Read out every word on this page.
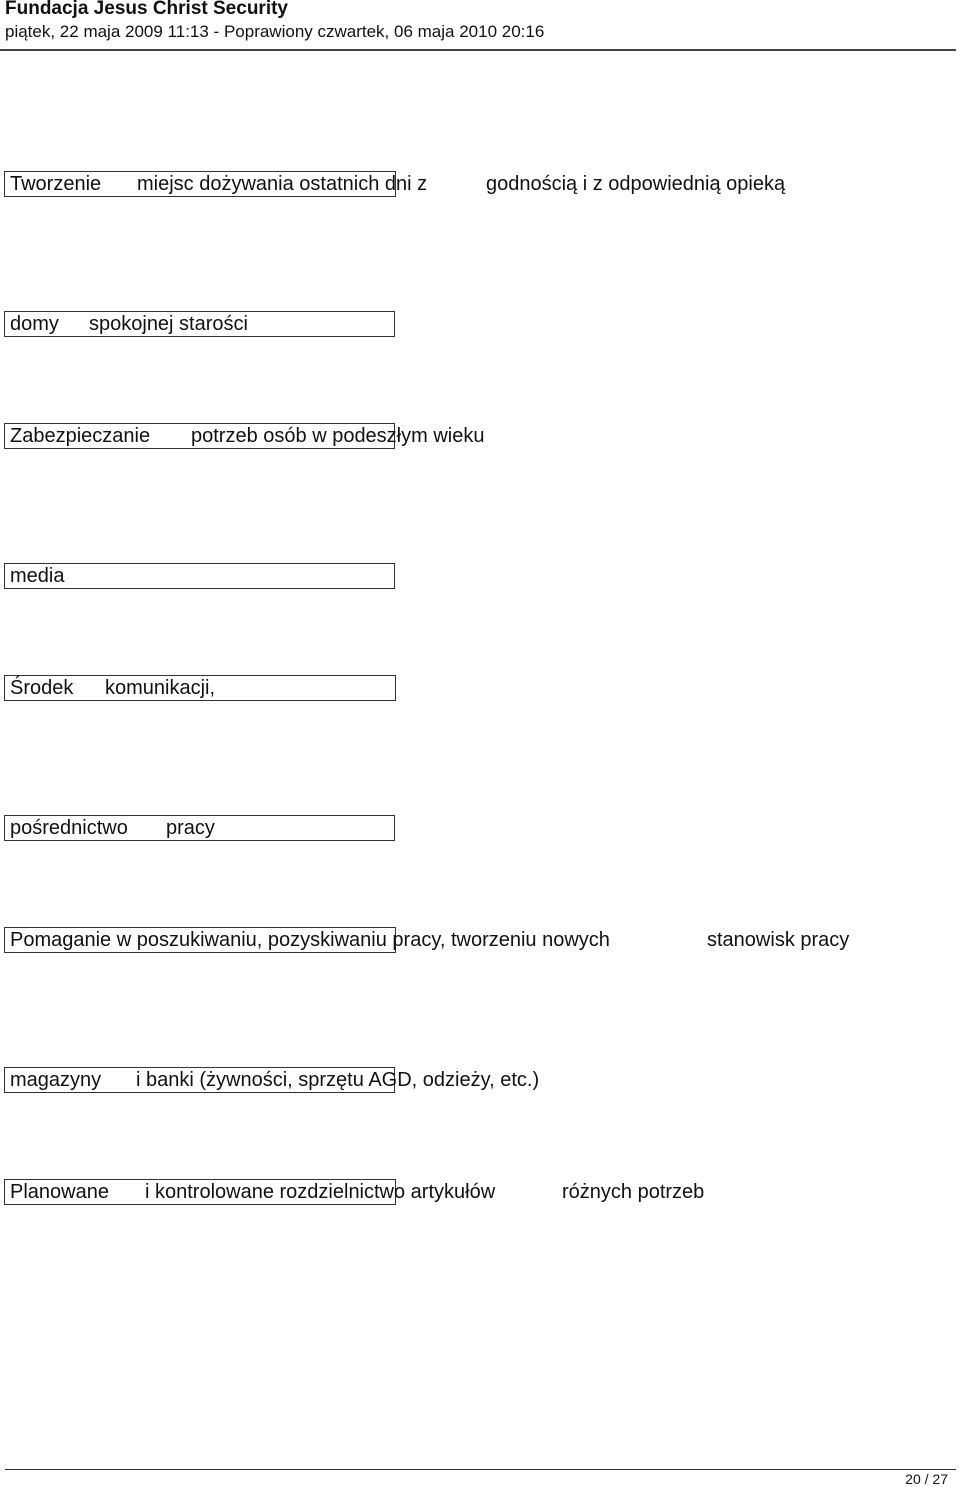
Fundacja Jesus Christ Security
piątek, 22 maja 2009 11:13 - Poprawiony czwartek, 06 maja 2010 20:16
Tworzenie miejsc dożywania ostatnich dni z	godnością i z odpowiednią opieką
domy spokojnej starości
Zabezpieczanie potrzeb osób w podeszłym wieku
media
Środek komunikacji,
pośrednictwo pracy
Pomaganie w poszukiwaniu, pozyskiwaniu pracy, tworzeniu nowych	stanowisk pracy
magazyny i banki (żywności, sprzętu AGD, odzieży, etc.)
Planowane i kontrolowane rozdzielnictwo artykułów	różnych potrzeb
20 / 27
